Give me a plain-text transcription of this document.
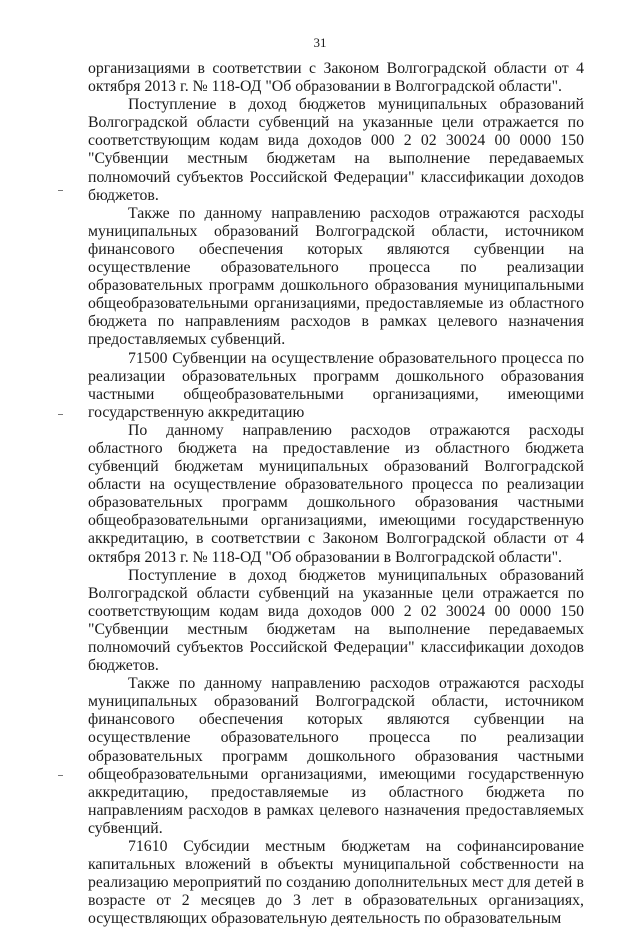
31

организациями в соответствии с Законом Волгоградской области от 4 октября 2013 г. № 118-ОД "Об образовании в Волгоградской области".

Поступление в доход бюджетов муниципальных образований Волгоградской области субвенций на указанные цели отражается по соответствующим кодам вида доходов 000 2 02 30024 00 0000 150 "Субвенции местным бюджетам на выполнение передаваемых полномочий субъектов Российской Федерации" классификации доходов бюджетов.

Также по данному направлению расходов отражаются расходы муниципальных образований Волгоградской области, источником финансового обеспечения которых являются субвенции на осуществление образовательного процесса по реализации образовательных программ дошкольного образования муниципальными общеобразовательными организациями, предоставляемые из областного бюджета по направлениям расходов в рамках целевого назначения предоставляемых субвенций.

71500 Субвенции на осуществление образовательного процесса по реализации образовательных программ дошкольного образования частными общеобразовательными организациями, имеющими государственную аккредитацию

По данному направлению расходов отражаются расходы областного бюджета на предоставление из областного бюджета субвенций бюджетам муниципальных образований Волгоградской области на осуществление образовательного процесса по реализации образовательных программ дошкольного образования частными общеобразовательными организациями, имеющими государственную аккредитацию, в соответствии с Законом Волгоградской области от 4 октября 2013 г. № 118-ОД "Об образовании в Волгоградской области".

Поступление в доход бюджетов муниципальных образований Волгоградской области субвенций на указанные цели отражается по соответствующим кодам вида доходов 000 2 02 30024 00 0000 150 "Субвенции местным бюджетам на выполнение передаваемых полномочий субъектов Российской Федерации" классификации доходов бюджетов.

Также по данному направлению расходов отражаются расходы муниципальных образований Волгоградской области, источником финансового обеспечения которых являются субвенции на осуществление образовательного процесса по реализации образовательных программ дошкольного образования частными общеобразовательными организациями, имеющими государственную аккредитацию, предоставляемые из областного бюджета по направлениям расходов в рамках целевого назначения предоставляемых субвенций.

71610 Субсидии местным бюджетам на софинансирование капитальных вложений в объекты муниципальной собственности на реализацию мероприятий по созданию дополнительных мест для детей в возрасте от 2 месяцев до 3 лет в образовательных организациях, осуществляющих образовательную деятельность по образовательным
